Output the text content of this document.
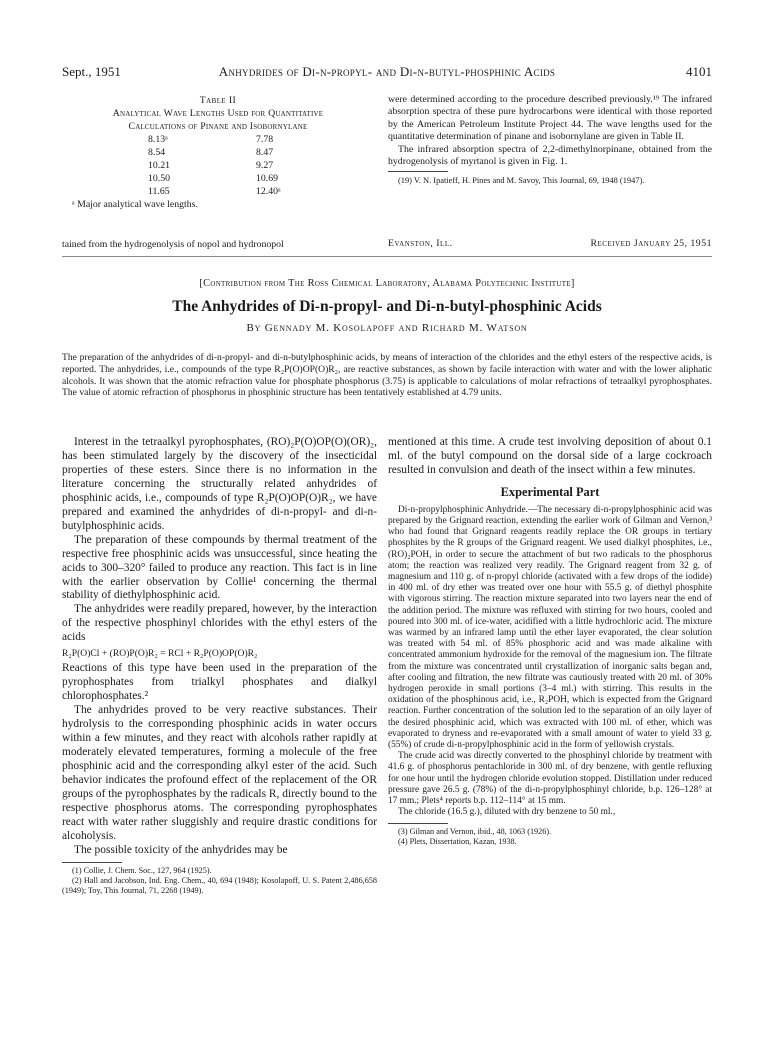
Sept., 1951	Anhydrides of Di-n-propyl- and Di-n-butyl-phosphinic Acids	4101
Table II
Analytical Wave Lengths Used for Quantitative
Calculations of Pinane and Isobornylane
8.13ᵃ	7.78
8.54	8.47
10.21	9.27
10.50	10.69
11.65	12.40ᵃ
ᵃ Major analytical wave lengths.
tained from the hydrogenolysis of nopol and hydronopol

were determined according to the procedure described previously.¹⁹ The infrared absorption spectra of these pure hydrocarbons were identical with those reported by the American Petroleum Institute Project 44. The wave lengths used for the quantitative determination of pinane and isobornylane are given in Table II.

The infrared absorption spectra of 2,2-dimethylnorpinane, obtained from the hydrogenolysis of myrtanol is given in Fig. 1.

(19) V. N. Ipatieff, H. Pines and M. Savoy, This Journal, 69, 1948 (1947).

Evanston, Ill.	Received January 25, 1951
[Contribution from The Ross Chemical Laboratory, Alabama Polytechnic Institute]
The Anhydrides of Di-n-propyl- and Di-n-butyl-phosphinic Acids
By Gennady M. Kosolapoff and Richard M. Watson
The preparation of the anhydrides of di-n-propyl- and di-n-butylphosphinic acids, by means of interaction of the chlorides and the ethyl esters of the respective acids, is reported. The anhydrides, i.e., compounds of the type R₂P(O)OP(O)R₂, are reactive substances, as shown by facile interaction with water and with the lower aliphatic alcohols. It was shown that the atomic refraction value for phosphate phosphorus (3.75) is applicable to calculations of molar refractions of tetraalkyl pyrophosphates. The value of atomic refraction of phosphorus in phosphinic structure has been tentatively established at 4.79 units.

Interest in the tetraalkyl pyrophosphates, (RO)₂P(O)OP(O)(OR)₂, has been stimulated largely by the discovery of the insecticidal properties of these esters. Since there is no information in the literature concerning the structurally related anhydrides of phosphinic acids, i.e., compounds of type R₂P(O)OP(O)R₂, we have prepared and examined the anhydrides of di-n-propyl- and di-n-butylphosphinic acids.

The preparation of these compounds by thermal treatment of the respective free phosphinic acids was unsuccessful, since heating the acids to 300–320° failed to produce any reaction. This fact is in line with the earlier observation by Collie¹ concerning the thermal stability of diethylphosphinic acid.

The anhydrides were readily prepared, however, by the interaction of the respective phosphinyl chlorides with the ethyl esters of the acids

R₂P(O)Cl + (RO)P(O)R₂ = RCl + R₂P(O)OP(O)R₂

Reactions of this type have been used in the preparation of the pyrophosphates from trialkyl phosphates and dialkyl chlorophosphates.²

The anhydrides proved to be very reactive substances. Their hydrolysis to the corresponding phosphinic acids in water occurs within a few minutes, and they react with alcohols rather rapidly at moderately elevated temperatures, forming a molecule of the free phosphinic acid and the corresponding alkyl ester of the acid. Such behavior indicates the profound effect of the replacement of the OR groups of the pyrophosphates by the radicals R, directly bound to the respective phosphorus atoms. The corresponding pyrophosphates react with water rather sluggishly and require drastic conditions for alcoholysis.

The possible toxicity of the anhydrides may be

(1) Collie, J. Chem. Soc., 127, 964 (1925).
(2) Hall and Jacobson, Ind. Eng. Chem., 40, 694 (1948); Kosolapoff, U. S. Patent 2,486,658 (1949); Toy, This Journal, 71, 2268 (1949).

mentioned at this time. A crude test involving deposition of about 0.1 ml. of the butyl compound on the dorsal side of a large cockroach resulted in convulsion and death of the insect within a few minutes.

Experimental Part

Di-n-propylphosphinic Anhydride.—The necessary di-n-propylphosphinic acid was prepared by the Grignard reaction, extending the earlier work of Gilman and Vernon,³ who had found that Grignard reagents readily replace the OR groups in tertiary phosphites by the R groups of the Grignard reagent. We used dialkyl phosphites, i.e., (RO)₂POH, in order to secure the attachment of but two radicals to the phosphorus atom; the reaction was realized very readily. The Grignard reagent from 32 g. of magnesium and 110 g. of n-propyl chloride (activated with a few drops of the iodide) in 400 ml. of dry ether was treated over one hour with 55.5 g. of diethyl phosphite with vigorous stirring. The reaction mixture separated into two layers near the end of the addition period. The mixture was refluxed with stirring for two hours, cooled and poured into 300 ml. of ice-water, acidified with a little hydrochloric acid. The mixture was warmed by an infrared lamp until the ether layer evaporated, the clear solution was treated with 54 ml. of 85% phosphoric acid and was made alkaline with concentrated ammonium hydroxide for the removal of the magnesium ion. The filtrate from the mixture was concentrated until crystallization of inorganic salts began and, after cooling and filtration, the new filtrate was cautiously treated with 20 ml. of 30% hydrogen peroxide in small portions (3–4 ml.) with stirring. This results in the oxidation of the phosphinous acid, i.e., R₂POH, which is expected from the Grignard reaction. Further concentration of the solution led to the separation of an oily layer of the desired phosphinic acid, which was extracted with 100 ml. of ether, which was evaporated to dryness and re-evaporated with a small amount of water to yield 33 g. (55%) of crude di-n-propylphosphinic acid in the form of yellowish crystals.

The crude acid was directly converted to the phosphinyl chloride by treatment with 41.6 g. of phosphorus pentachloride in 300 ml. of dry benzene, with gentle refluxing for one hour until the hydrogen chloride evolution stopped. Distillation under reduced pressure gave 26.5 g. (78%) of the di-n-propylphosphinyl chloride, b.p. 126–128° at 17 mm.; Plets⁴ reports b.p. 112–114° at 15 mm.

The chloride (16.5 g.), diluted with dry benzene to 50 ml.,

(3) Gilman and Vernon, ibid., 48, 1063 (1926).
(4) Plets, Dissertation, Kazan, 1938.
